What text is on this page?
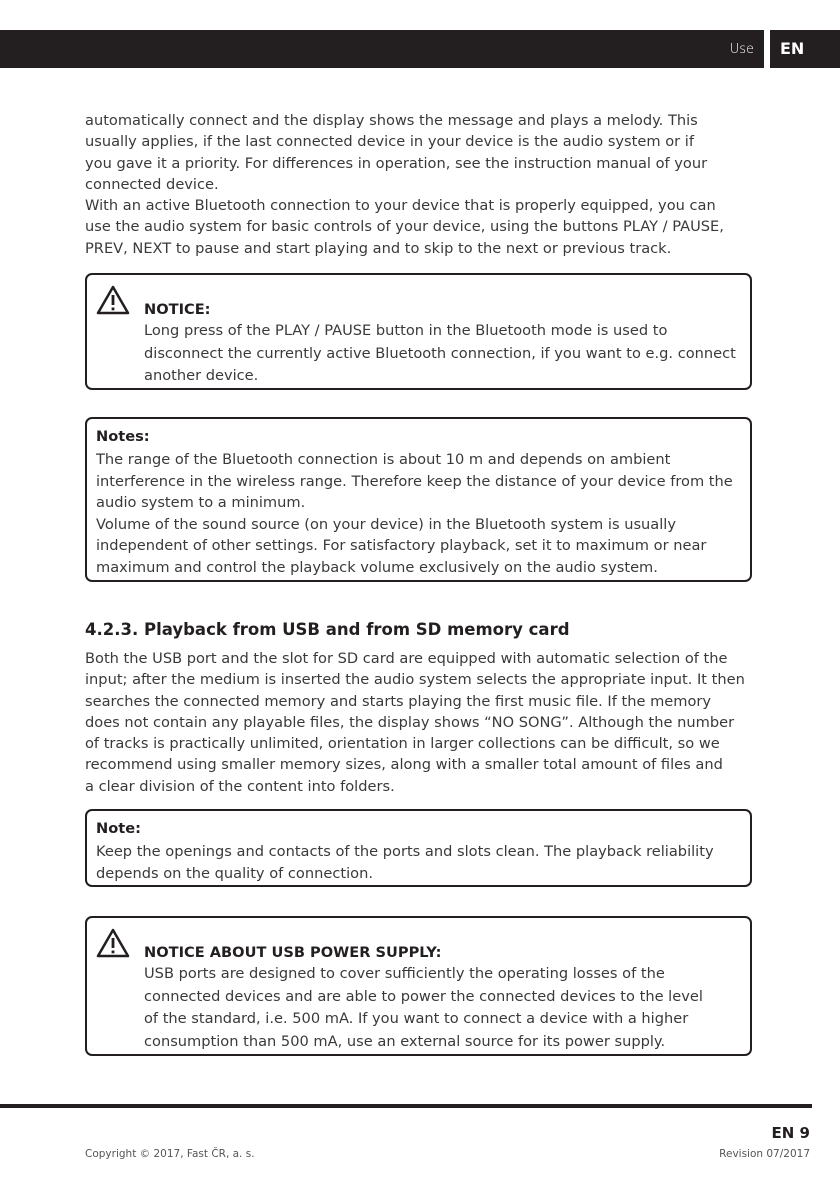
Use	EN

automatically connect and the display shows the message and plays a melody. This
usually applies, if the last connected device in your device is the audio system or if
you gave it a priority. For differences in operation, see the instruction manual of your
connected device.
With an active Bluetooth connection to your device that is properly equipped, you can
use the audio system for basic controls of your device, using the buttons PLAY / PAUSE,
PREV, NEXT to pause and start playing and to skip to the next or previous track.

NOTICE:

Long press of the PLAY / PAUSE button in the Bluetooth mode is used to
disconnect the currently active Bluetooth connection, if you want to e.g. connect
another device.

Notes:

The range of the Bluetooth connection is about 10 m and depends on ambient
interference in the wireless range. Therefore keep the distance of your device from the
audio system to a minimum.
Volume of the sound source (on your device) in the Bluetooth system is usually
independent of other settings. For satisfactory playback, set it to maximum or near
maximum and control the playback volume exclusively on the audio system.

4.2.3. Playback from USB and from SD memory card

Both the USB port and the slot for SD card are equipped with automatic selection of the
input; after the medium is inserted the audio system selects the appropriate input. It then
searches the connected memory and starts playing the first music file. If the memory
does not contain any playable files, the display shows “NO SONG”. Although the number
of tracks is practically unlimited, orientation in larger collections can be difficult, so we
recommend using smaller memory sizes, along with a smaller total amount of files and
a clear division of the content into folders.

Note:

Keep the openings and contacts of the ports and slots clean. The playback reliability
depends on the quality of connection.

NOTICE ABOUT USB POWER SUPPLY:

USB ports are designed to cover sufficiently the operating losses of the
connected devices and are able to power the connected devices to the level
of the standard, i.e. 500 mA. If you want to connect a device with a higher
consumption than 500 mA, use an external source for its power supply.

EN 9
Copyright © 2017, Fast ČR, a. s.	Revision 07/2017
